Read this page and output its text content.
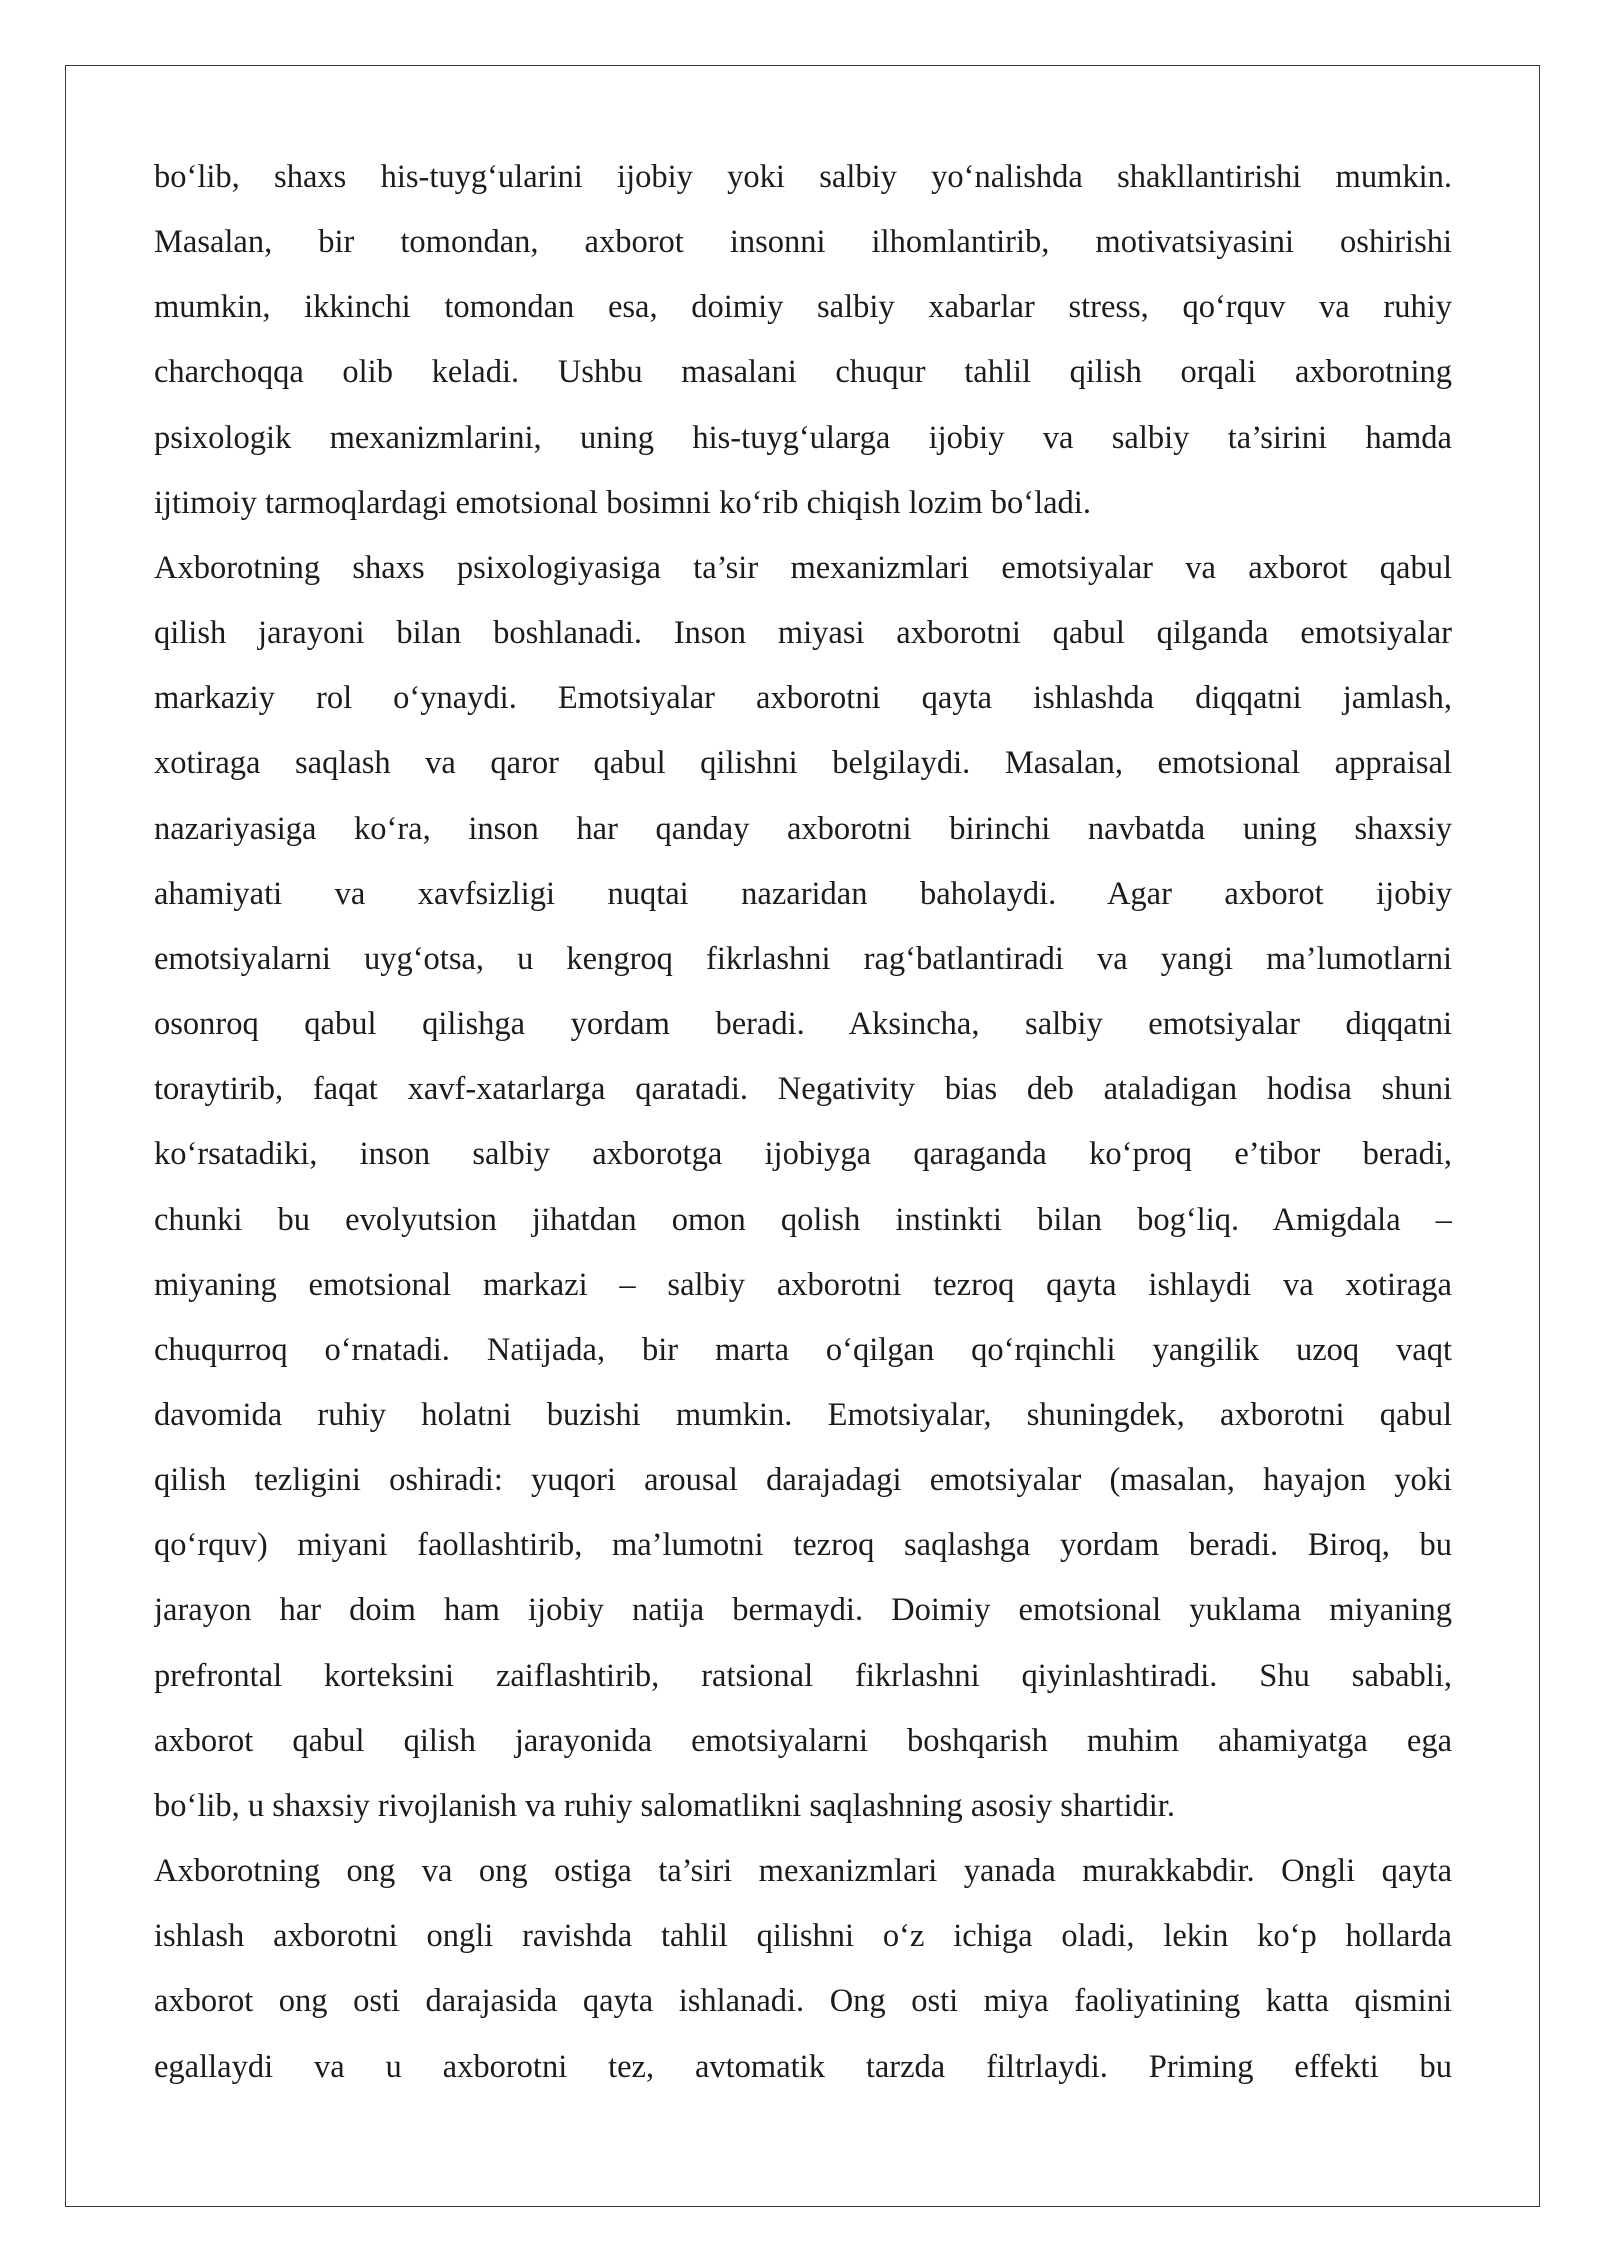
bo‘lib, shaxs his-tuyg‘ularini ijobiy yoki salbiy yo‘nalishda shakllantirishi mumkin.
Masalan, bir tomondan, axborot insonni ilhomlantirib, motivatsiyasini oshirishi
mumkin, ikkinchi tomondan esa, doimiy salbiy xabarlar stress, qo‘rquv va ruhiy
charchoqqa olib keladi. Ushbu masalani chuqur tahlil qilish orqali axborotning
psixologik mexanizmlarini, uning his-tuyg‘ularga ijobiy va salbiy ta’sirini hamda
ijtimoiy tarmoqlardagi emotsional bosimni ko‘rib chiqish lozim bo‘ladi.
Axborotning shaxs psixologiyasiga ta’sir mexanizmlari emotsiyalar va axborot qabul
qilish jarayoni bilan boshlanadi. Inson miyasi axborotni qabul qilganda emotsiyalar
markaziy rol o‘ynaydi. Emotsiyalar axborotni qayta ishlashda diqqatni jamlash,
xotiraga saqlash va qaror qabul qilishni belgilaydi. Masalan, emotsional appraisal
nazariyasiga ko‘ra, inson har qanday axborotni birinchi navbatda uning shaxsiy
ahamiyati va xavfsizligi nuqtai nazaridan baholaydi. Agar axborot ijobiy
emotsiyalarni uyg‘otsa, u kengroq fikrlashni rag‘batlantiradi va yangi ma’lumotlarni
osonroq qabul qilishga yordam beradi. Aksincha, salbiy emotsiyalar diqqatni
toraytirib, faqat xavf-xatarlarga qaratadi. Negativity bias deb ataladigan hodisa shuni
ko‘rsatadiki, inson salbiy axborotga ijobiyga qaraganda ko‘proq e’tibor beradi,
chunki bu evolyutsion jihatdan omon qolish instinkti bilan bog‘liq. Amigdala –
miyaning emotsional markazi – salbiy axborotni tezroq qayta ishlaydi va xotiraga
chuqurroq o‘rnatadi. Natijada, bir marta o‘qilgan qo‘rqinchli yangilik uzoq vaqt
davomida ruhiy holatni buzishi mumkin. Emotsiyalar, shuningdek, axborotni qabul
qilish tezligini oshiradi: yuqori arousal darajadagi emotsiyalar (masalan, hayajon yoki
qo‘rquv) miyani faollashtirib, ma’lumotni tezroq saqlashga yordam beradi. Biroq, bu
jarayon har doim ham ijobiy natija bermaydi. Doimiy emotsional yuklama miyaning
prefrontal korteksini zaiflashtirib, ratsional fikrlashni qiyinlashtiradi. Shu sababli,
axborot qabul qilish jarayonida emotsiyalarni boshqarish muhim ahamiyatga ega
bo‘lib, u shaxsiy rivojlanish va ruhiy salomatlikni saqlashning asosiy shartidir.
Axborotning ong va ong ostiga ta’siri mexanizmlari yanada murakkabdir. Ongli qayta
ishlash axborotni ongli ravishda tahlil qilishni o‘z ichiga oladi, lekin ko‘p hollarda
axborot ong osti darajasida qayta ishlanadi. Ong osti miya faoliyatining katta qismini
egallaydi va u axborotni tez, avtomatik tarzda filtrlaydi. Priming effekti bu
